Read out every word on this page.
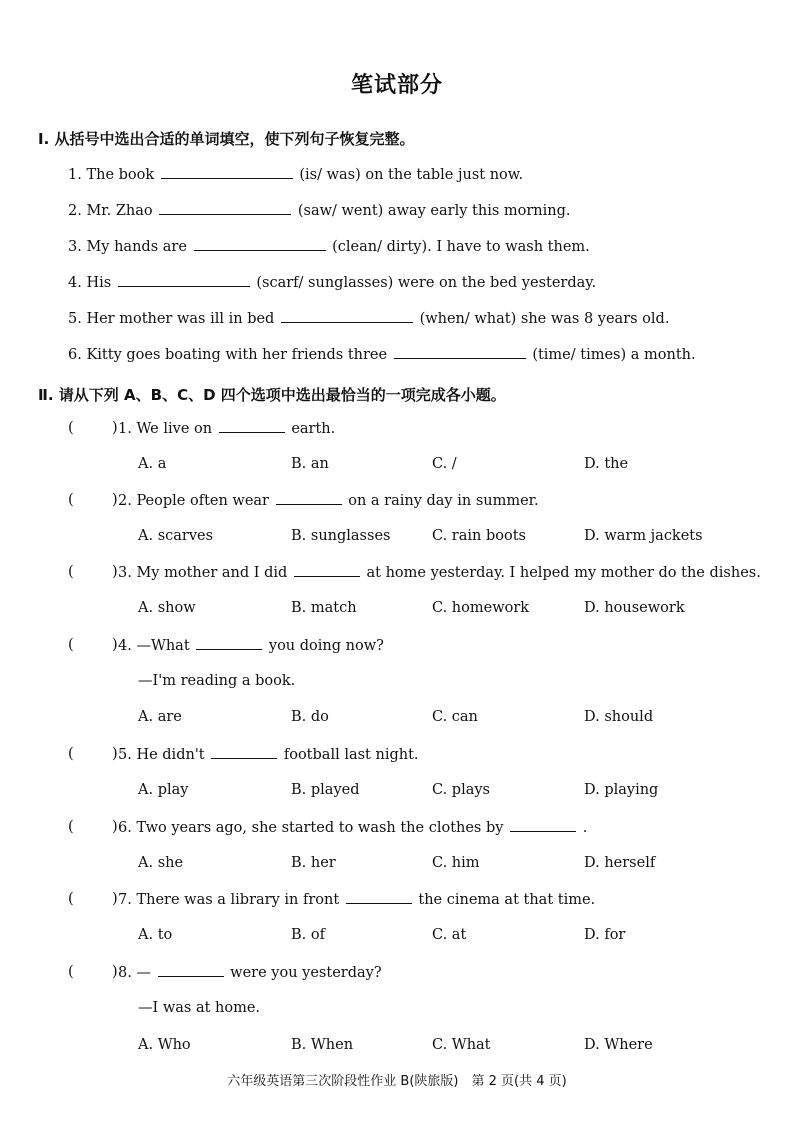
笔试部分
Ⅰ. 从括号中选出合适的单词填空，使下列句子恢复完整。
1. The book	(is/ was) on the table just now.
2. Mr. Zhao	(saw/ went) away early this morning.
3. My hands are	(clean/ dirty). I have to wash them.
4. His	(scarf/ sunglasses) were on the bed yesterday.
5. Her mother was ill in bed	(when/ what) she was 8 years old.
6. Kitty goes boating with her friends three	(time/ times) a month.
Ⅱ. 请从下列 A、B、C、D 四个选项中选出最恰当的一项完成各小题。
(	) 1. We live on	earth.
A. a	B. an	C. /	D. the
(	) 2. People often wear	on a rainy day in summer.
A. scarves	B. sunglasses	C. rain boots	D. warm jackets
(	) 3. My mother and I did	at home yesterday. I helped my mother do the dishes.
A. show	B. match	C. homework	D. housework
(	) 4. —What	you doing now?
—I'm reading a book.
A. are	B. do	C. can	D. should
(	) 5. He didn't	football last night.
A. play	B. played	C. plays	D. playing
(	) 6. Two years ago, she started to wash the clothes by	.
A. she	B. her	C. him	D. herself
(	) 7. There was a library in front	the cinema at that time.
A. to	B. of	C. at	D. for
(	) 8. —	were you yesterday?
—I was at home.
A. Who	B. When	C. What	D. Where
六年级英语第三次阶段性作业 B(陕旅版)　第 2 页(共 4 页)
